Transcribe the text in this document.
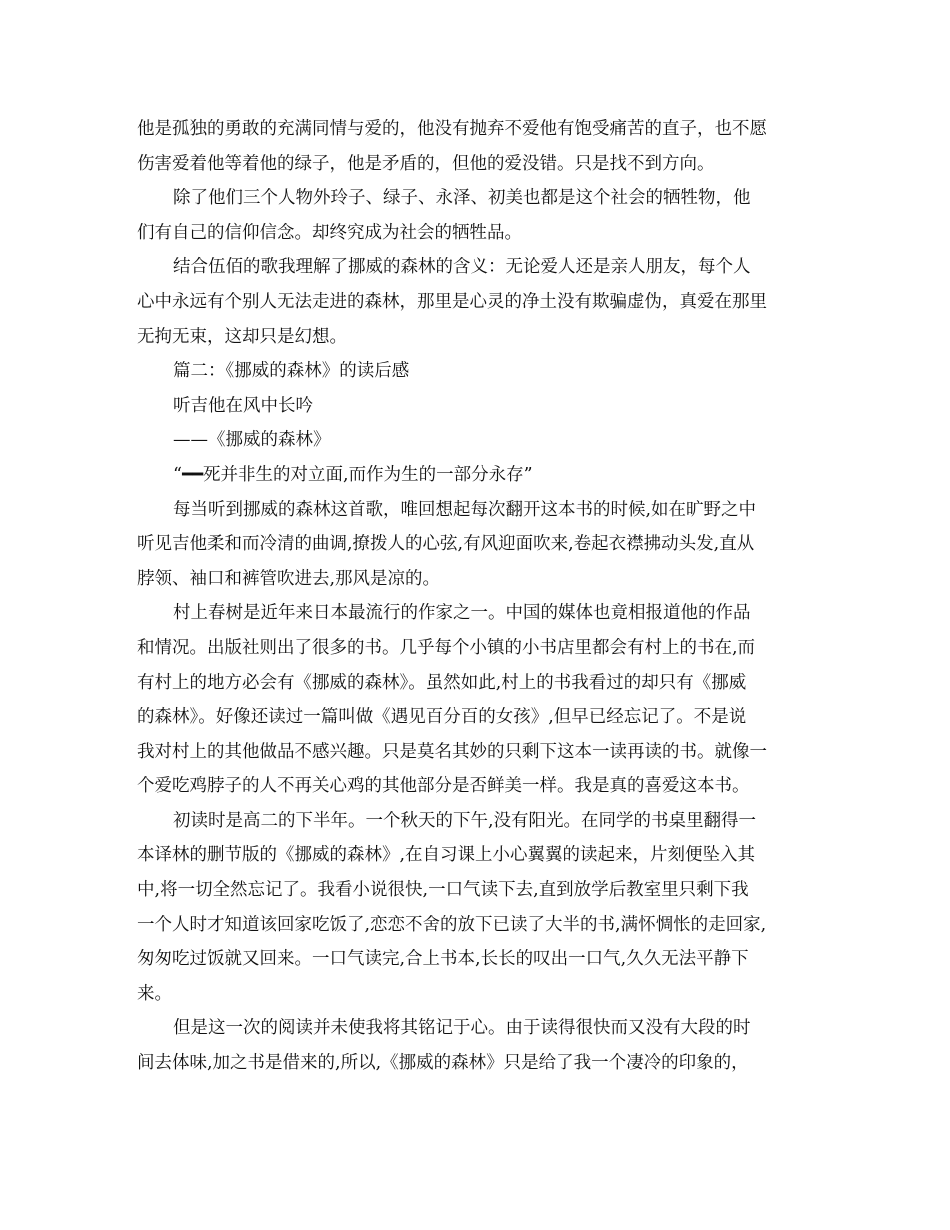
他是孤独的勇敢的充满同情与爱的，他没有抛弃不爱他有饱受痛苦的直子，也不愿
伤害爱着他等着他的绿子，他是矛盾的，但他的爱没错。只是找不到方向。
除了他们三个人物外玲子、绿子、永泽、初美也都是这个社会的牺牲物，他
们有自己的信仰信念。却终究成为社会的牺牲品。
结合伍佰的歌我理解了挪威的森林的含义：无论爱人还是亲人朋友，每个人
心中永远有个别人无法走进的森林，那里是心灵的净土没有欺骗虚伪，真爱在那里
无拘无束，这却只是幻想。
篇二：《挪威的森林》的读后感
听吉他在风中长吟
——《挪威的森林》
“━━死并非生的对立面,而作为生的一部分永存”
每当听到挪威的森林这首歌，唯回想起每次翻开这本书的时候,如在旷野之中
听见吉他柔和而冷清的曲调,撩拨人的心弦,有风迎面吹来,卷起衣襟拂动头发,直从
脖领、袖口和裤管吹进去,那风是凉的。
村上春树是近年来日本最流行的作家之一。中国的媒体也竟相报道他的作品
和情况。出版社则出了很多的书。几乎每个小镇的小书店里都会有村上的书在,而
有村上的地方必会有《挪威的森林》。虽然如此,村上的书我看过的却只有《挪威
的森林》。好像还读过一篇叫做《遇见百分百的女孩》,但早已经忘记了。不是说
我对村上的其他做品不感兴趣。只是莫名其妙的只剩下这本一读再读的书。就像一
个爱吃鸡脖子的人不再关心鸡的其他部分是否鲜美一样。我是真的喜爱这本书。
初读时是高二的下半年。一个秋天的下午,没有阳光。在同学的书桌里翻得一
本译林的删节版的《挪威的森林》,在自习课上小心翼翼的读起来，片刻便坠入其
中,将一切全然忘记了。我看小说很快,一口气读下去,直到放学后教室里只剩下我
一个人时才知道该回家吃饭了,恋恋不舍的放下已读了大半的书,满怀惆怅的走回家,
匆匆吃过饭就又回来。一口气读完,合上书本,长长的叹出一口气,久久无法平静下
来。
但是这一次的阅读并未使我将其铭记于心。由于读得很快而又没有大段的时
间去体味,加之书是借来的,所以,《挪威的森林》只是给了我一个凄冷的印象的，
